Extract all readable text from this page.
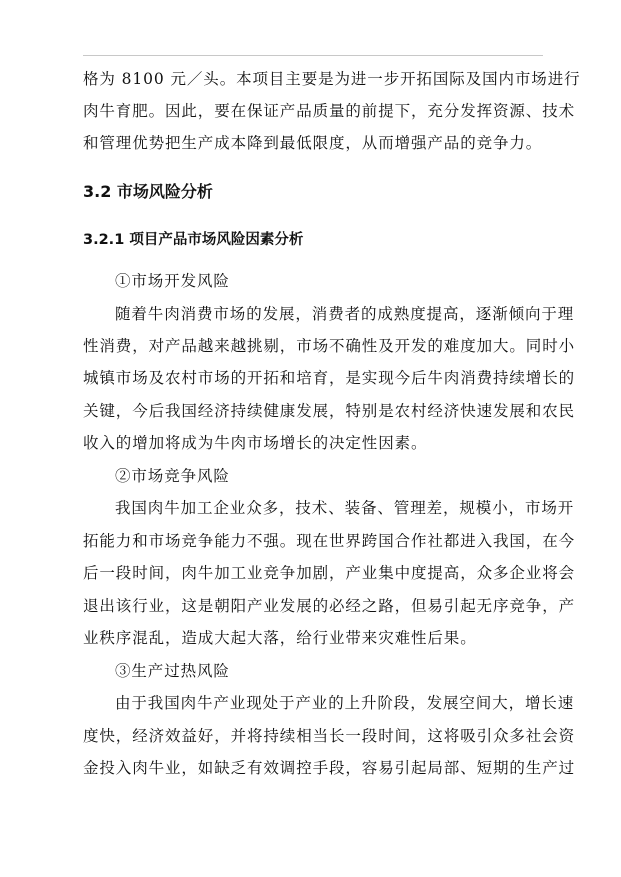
格为 8100 元／头。本项目主要是为进一步开拓国际及国内市场进行
肉牛育肥。因此，要在保证产品质量的前提下，充分发挥资源、技术
和管理优势把生产成本降到最低限度，从而增强产品的竞争力。
3.2 市场风险分析
3.2.1 项目产品市场风险因素分析
①市场开发风险
随着牛肉消费市场的发展，消费者的成熟度提高，逐渐倾向于理
性消费，对产品越来越挑剔，市场不确性及开发的难度加大。同时小
城镇市场及农村市场的开拓和培育，是实现今后牛肉消费持续增长的
关键，今后我国经济持续健康发展，特别是农村经济快速发展和农民
收入的增加将成为牛肉市场增长的决定性因素。
②市场竞争风险
我国肉牛加工企业众多，技术、装备、管理差，规模小，市场开
拓能力和市场竞争能力不强。现在世界跨国合作社都进入我国，在今
后一段时间，肉牛加工业竞争加剧，产业集中度提高，众多企业将会
退出该行业，这是朝阳产业发展的必经之路，但易引起无序竞争，产
业秩序混乱，造成大起大落，给行业带来灾难性后果。
③生产过热风险
由于我国肉牛产业现处于产业的上升阶段，发展空间大，增长速
度快，经济效益好，并将持续相当长一段时间，这将吸引众多社会资
金投入肉牛业，如缺乏有效调控手段，容易引起局部、短期的生产过
